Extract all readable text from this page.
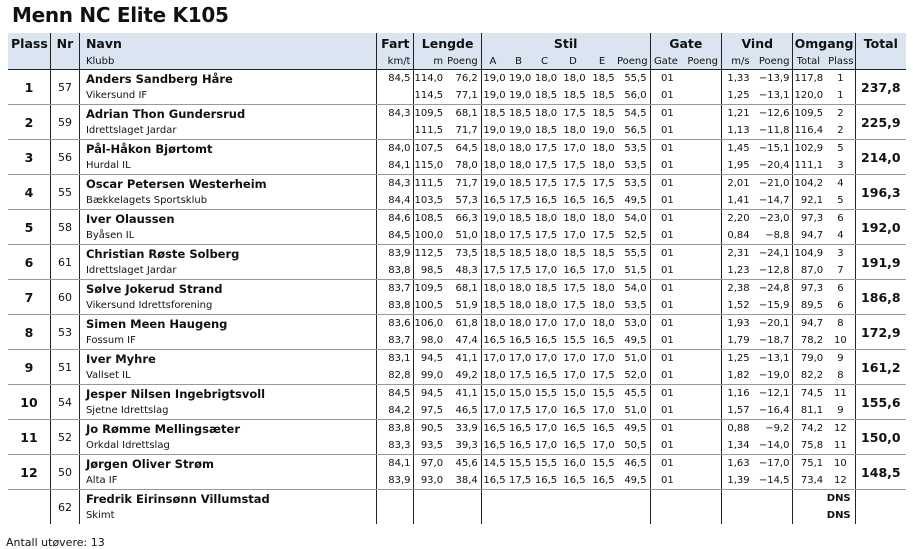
Menn NC Elite K105
Plass	Nr	Navn	Fart	Lengde		Stil						Gate		Vind		Omgang		Total
		Klubb	km/t	m	Poeng	A	B	C	D	E	Poeng	Gate	Poeng	m/s	Poeng	Total	Plass	
1	57	Anders Sandberg Håre	84,5	114,0	76,2	19,0	19,0	18,0	18,0	18,5	55,5	01		1,33	−13,9	117,8	1	237,8
		Vikersund IF		114,5	77,1	19,0	19,0	18,5	18,5	18,5	56,0	01		1,25	−13,1	120,0	1	
2	59	Adrian Thon Gundersrud	84,3	109,5	68,1	18,5	18,5	18,0	17,5	18,5	54,5	01		1,21	−12,6	109,5	2	225,9
		Idrettslaget Jardar		111,5	71,7	19,0	19,0	18,5	18,0	19,0	56,5	01		1,13	−11,8	116,4	2	
3	56	Pål-Håkon Bjørtomt	84,0	107,5	64,5	18,0	18,0	17,5	17,0	18,0	53,5	01		1,45	−15,1	102,9	5	214,0
		Hurdal IL	84,1	115,0	78,0	18,0	18,0	17,5	17,5	18,0	53,5	01		1,95	−20,4	111,1	3	
4	55	Oscar Petersen Westerheim	84,3	111,5	71,7	19,0	18,5	17,5	17,5	17,5	53,5	01		2,01	−21,0	104,2	4	196,3
		Bækkelagets Sportsklub	84,4	103,5	57,3	16,5	17,5	16,5	16,5	16,5	49,5	01		1,41	−14,7	92,1	5	
5	58	Iver Olaussen	84,6	108,5	66,3	19,0	18,5	18,0	18,0	18,0	54,0	01		2,20	−23,0	97,3	6	192,0
		Byåsen IL	84,5	100,0	51,0	18,0	17,5	17,5	17,0	17,5	52,5	01		0,84	−8,8	94,7	4	
6	61	Christian Røste Solberg	83,9	112,5	73,5	18,5	18,5	18,0	18,5	18,5	55,5	01		2,31	−24,1	104,9	3	191,9
		Idrettslaget Jardar	83,8	98,5	48,3	17,5	17,5	17,0	16,5	17,0	51,5	01		1,23	−12,8	87,0	7	
7	60	Sølve Jokerud Strand	83,7	109,5	68,1	18,0	18,0	18,5	17,5	18,0	54,0	01		2,38	−24,8	97,3	6	186,8
		Vikersund Idrettsforening	83,8	100,5	51,9	18,5	18,0	18,0	17,5	18,0	53,5	01		1,52	−15,9	89,5	6	
8	53	Simen Meen Haugeng	83,6	106,0	61,8	18,0	18,0	17,0	17,0	18,0	53,0	01		1,93	−20,1	94,7	8	172,9
		Fossum IF	83,7	98,0	47,4	16,5	16,5	16,5	15,5	16,5	49,5	01		1,79	−18,7	78,2	10	
9	51	Iver Myhre	83,1	94,5	41,1	17,0	17,0	17,0	17,0	17,0	51,0	01		1,25	−13,1	79,0	9	161,2
		Vallset IL	82,8	99,0	49,2	18,0	17,5	16,5	17,0	17,5	52,0	01		1,82	−19,0	82,2	8	
10	54	Jesper Nilsen Ingebrigtsvoll	84,5	94,5	41,1	15,0	15,0	15,5	15,0	15,5	45,5	01		1,16	−12,1	74,5	11	155,6
		Sjetne Idrettslag	84,2	97,5	46,5	17,0	17,5	17,0	16,5	17,0	51,0	01		1,57	−16,4	81,1	9	
11	52	Jo Rømme Mellingsæter	83,8	90,5	33,9	16,5	16,5	17,0	16,5	16,5	49,5	01		0,88	−9,2	74,2	12	150,0
		Orkdal Idrettslag	83,3	93,5	39,3	16,5	16,5	17,0	16,5	17,0	50,5	01		1,34	−14,0	75,8	11	
12	50	Jørgen Oliver Strøm	84,1	97,0	45,6	14,5	15,5	15,5	16,0	15,5	46,5	01		1,63	−17,0	75,1	10	148,5
		Alta IF	83,9	93,0	38,4	16,5	17,5	16,5	16,5	16,5	49,5	01		1,39	−14,5	73,4	12	
	62	Fredrik Eirinsønn Villumstad														DNS		
		Skimt														DNS		
Antall utøvere: 13
